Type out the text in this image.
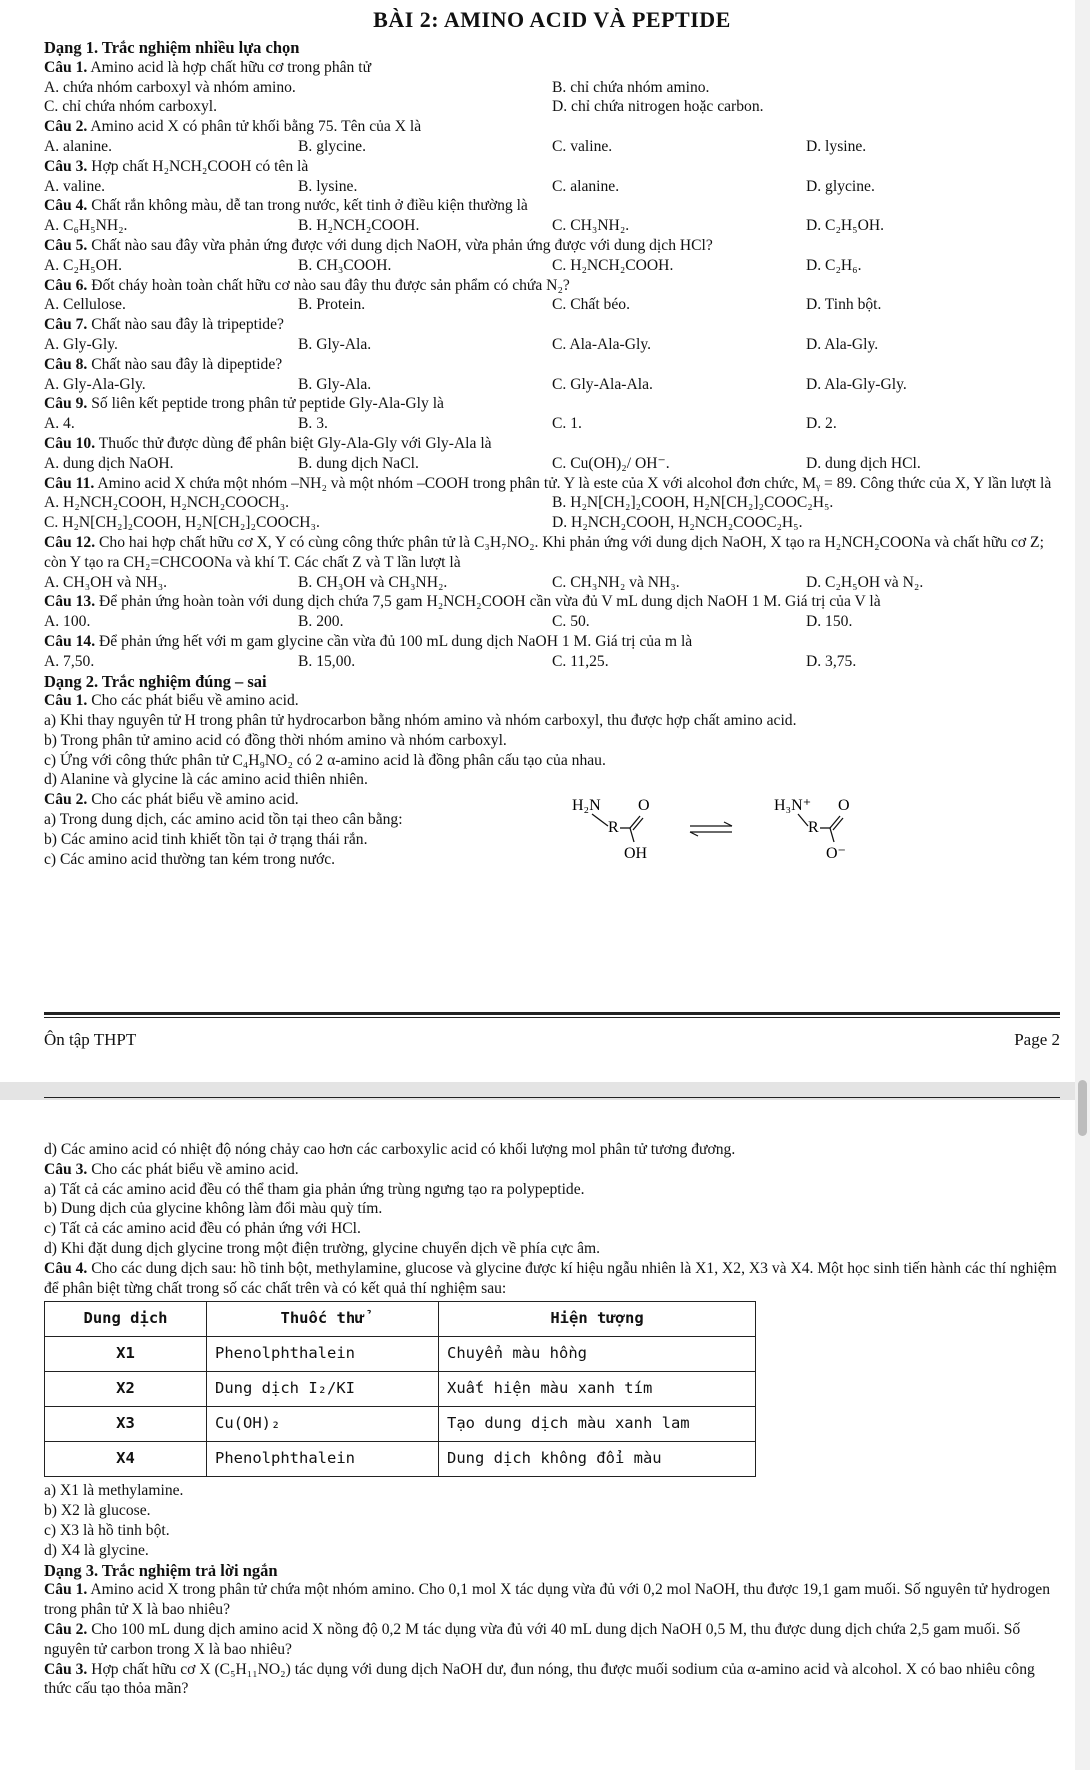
BÀI 2: AMINO ACID VÀ PEPTIDE
Dạng 1. Trắc nghiệm nhiều lựa chọn
Câu 1. Amino acid là hợp chất hữu cơ trong phân tử
A. chứa nhóm carboxyl và nhóm amino.	B. chỉ chứa nhóm amino.
C. chỉ chứa nhóm carboxyl.	D. chỉ chứa nitrogen hoặc carbon.
Câu 2. Amino acid X có phân tử khối bằng 75. Tên của X là
A. alanine.	B. glycine.	C. valine.	D. lysine.
Câu 3. Hợp chất H₂NCH₂COOH có tên là
A. valine.	B. lysine.	C. alanine.	D. glycine.
Câu 4. Chất rắn không màu, dễ tan trong nước, kết tinh ở điều kiện thường là
A. C₆H₅NH₂.	B. H₂NCH₂COOH.	C. CH₃NH₂.	D. C₂H₅OH.
Câu 5. Chất nào sau đây vừa phản ứng được với dung dịch NaOH, vừa phản ứng được với dung dịch HCl?
A. C₂H₅OH.	B. CH₃COOH.	C. H₂NCH₂COOH.	D. C₂H₆.
Câu 6. Đốt cháy hoàn toàn chất hữu cơ nào sau đây thu được sản phẩm có chứa N₂?
A. Cellulose.	B. Protein.	C. Chất béo.	D. Tinh bột.
Câu 7. Chất nào sau đây là tripeptide?
A. Gly-Gly.	B. Gly-Ala.	C. Ala-Ala-Gly.	D. Ala-Gly.
Câu 8. Chất nào sau đây là dipeptide?
A. Gly-Ala-Gly.	B. Gly-Ala.	C. Gly-Ala-Ala.	D. Ala-Gly-Gly.
Câu 9. Số liên kết peptide trong phân tử peptide Gly-Ala-Gly là
A. 4.	B. 3.	C. 1.	D. 2.
Câu 10. Thuốc thử được dùng để phân biệt Gly-Ala-Gly với Gly-Ala là
A. dung dịch NaOH.	B. dung dịch NaCl.	C. Cu(OH)₂/ OH⁻.	D. dung dịch HCl.
Câu 11. Amino acid X chứa một nhóm –NH₂ và một nhóm –COOH trong phân tử. Y là este của X với alcohol đơn chức, Mᵧ = 89. Công thức của X, Y lần lượt là
A. H₂NCH₂COOH, H₂NCH₂COOCH₃.	B. H₂N[CH₂]₂COOH, H₂N[CH₂]₂COOC₂H₅.
C. H₂N[CH₂]₂COOH, H₂N[CH₂]₂COOCH₃.	D. H₂NCH₂COOH, H₂NCH₂COOC₂H₅.
Câu 12. Cho hai hợp chất hữu cơ X, Y có cùng công thức phân tử là C₃H₇NO₂. Khi phản ứng với dung dịch NaOH, X tạo ra H₂NCH₂COONa và chất hữu cơ Z; còn Y tạo ra CH₂=CHCOONa và khí T. Các chất Z và T lần lượt là
A. CH₃OH và NH₃.	B. CH₃OH và CH₃NH₂.	C. CH₃NH₂ và NH₃.	D. C₂H₅OH và N₂.
Câu 13. Để phản ứng hoàn toàn với dung dịch chứa 7,5 gam H₂NCH₂COOH cần vừa đủ V mL dung dịch NaOH 1 M. Giá trị của V là
A. 100.	B. 200.	C. 50.	D. 150.
Câu 14. Để phản ứng hết với m gam glycine cần vừa đủ 100 mL dung dịch NaOH 1 M. Giá trị của m là
A. 7,50.	B. 15,00.	C. 11,25.	D. 3,75.
Dạng 2. Trắc nghiệm đúng – sai
Câu 1. Cho các phát biểu về amino acid.
a) Khi thay nguyên tử H trong phân tử hydrocarbon bằng nhóm amino và nhóm carboxyl, thu được hợp chất amino acid.
b) Trong phân tử amino acid có đồng thời nhóm amino và nhóm carboxyl.
c) Ứng với công thức phân tử C₄H₉NO₂ có 2 α-amino acid là đồng phân cấu tạo của nhau.
d) Alanine và glycine là các amino acid thiên nhiên.
Câu 2. Cho các phát biểu về amino acid.
a) Trong dung dịch, các amino acid tồn tại theo cân bằng:
b) Các amino acid tinh khiết tồn tại ở trạng thái rắn.
c) Các amino acid thường tan kém trong nước.
H₂N
R
O
OH
H₃N⁺
R
O
O⁻
Ôn tập THPT	Page 2
d) Các amino acid có nhiệt độ nóng chảy cao hơn các carboxylic acid có khối lượng mol phân tử tương đương.
Câu 3. Cho các phát biểu về amino acid.
a) Tất cả các amino acid đều có thể tham gia phản ứng trùng ngưng tạo ra polypeptide.
b) Dung dịch của glycine không làm đổi màu quỳ tím.
c) Tất cả các amino acid đều có phản ứng với HCl.
d) Khi đặt dung dịch glycine trong một điện trường, glycine chuyển dịch về phía cực âm.
Câu 4. Cho các dung dịch sau: hồ tinh bột, methylamine, glucose và glycine được kí hiệu ngẫu nhiên là X1, X2, X3 và X4. Một học sinh tiến hành các thí nghiệm để phân biệt từng chất trong số các chất trên và có kết quả thí nghiệm sau:
Dung dịch	Thuốc thử	Hiện tượng
X1	Phenolphthalein	Chuyển màu hồng
X2	Dung dịch I₂/KI	Xuất hiện màu xanh tím
X3	Cu(OH)₂	Tạo dung dịch màu xanh lam
X4	Phenolphthalein	Dung dịch không đổi màu
a) X1 là methylamine.
b) X2 là glucose.
c) X3 là hồ tinh bột.
d) X4 là glycine.
Dạng 3. Trắc nghiệm trả lời ngắn
Câu 1. Amino acid X trong phân tử chứa một nhóm amino. Cho 0,1 mol X tác dụng vừa đủ với 0,2 mol NaOH, thu được 19,1 gam muối. Số nguyên tử hydrogen trong phân tử X là bao nhiêu?
Câu 2. Cho 100 mL dung dịch amino acid X nồng độ 0,2 M tác dụng vừa đủ với 40 mL dung dịch NaOH 0,5 M, thu được dung dịch chứa 2,5 gam muối. Số nguyên tử carbon trong X là bao nhiêu?
Câu 3. Hợp chất hữu cơ X (C₅H₁₁NO₂) tác dụng với dung dịch NaOH dư, đun nóng, thu được muối sodium của α-amino acid và alcohol. X có bao nhiêu công thức cấu tạo thỏa mãn?
